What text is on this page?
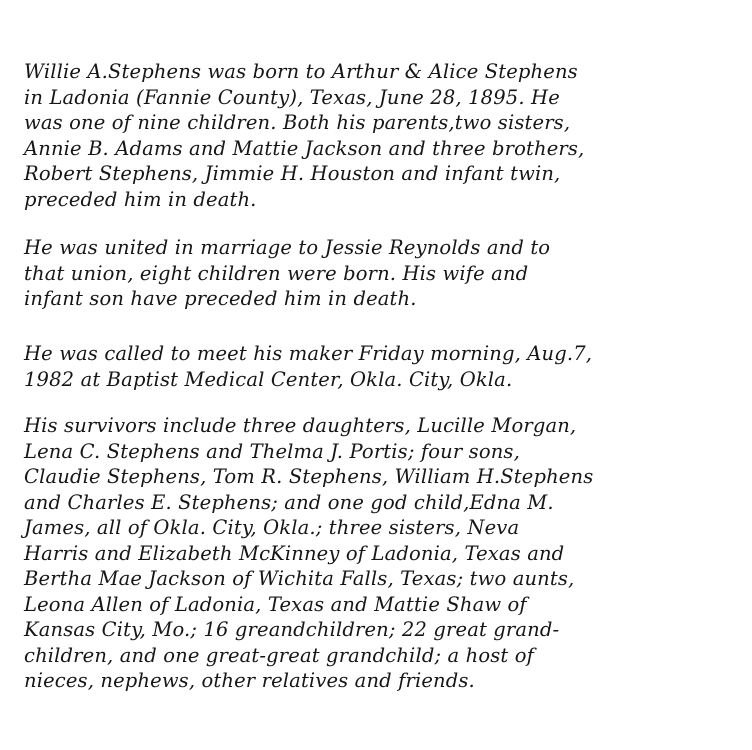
Willie A.Stephens was born to Arthur & Alice Stephens
in Ladonia (Fannie County), Texas, June 28, 1895. He
was one of nine children. Both his parents,two sisters,
Annie B. Adams and Mattie Jackson and three brothers,
Robert Stephens, Jimmie H. Houston and infant twin,
preceded him in death.
He was united in marriage to Jessie Reynolds and to
that union, eight children were born. His wife and
infant son have preceded him in death.
He was called to meet his maker Friday morning, Aug.7,
1982 at Baptist Medical Center, Okla. City, Okla.
His survivors include three daughters, Lucille Morgan,
Lena C. Stephens and Thelma J. Portis; four sons,
Claudie Stephens, Tom R. Stephens, William H.Stephens
and Charles E. Stephens; and one god child,Edna M.
James, all of Okla. City, Okla.; three sisters, Neva
Harris and Elizabeth McKinney of Ladonia, Texas and
Bertha Mae Jackson of Wichita Falls, Texas; two aunts,
Leona Allen of Ladonia, Texas and Mattie Shaw of
Kansas City, Mo.; 16 greandchildren; 22 great grand-
children, and one great-great grandchild; a host of
nieces, nephews, other relatives and friends.
